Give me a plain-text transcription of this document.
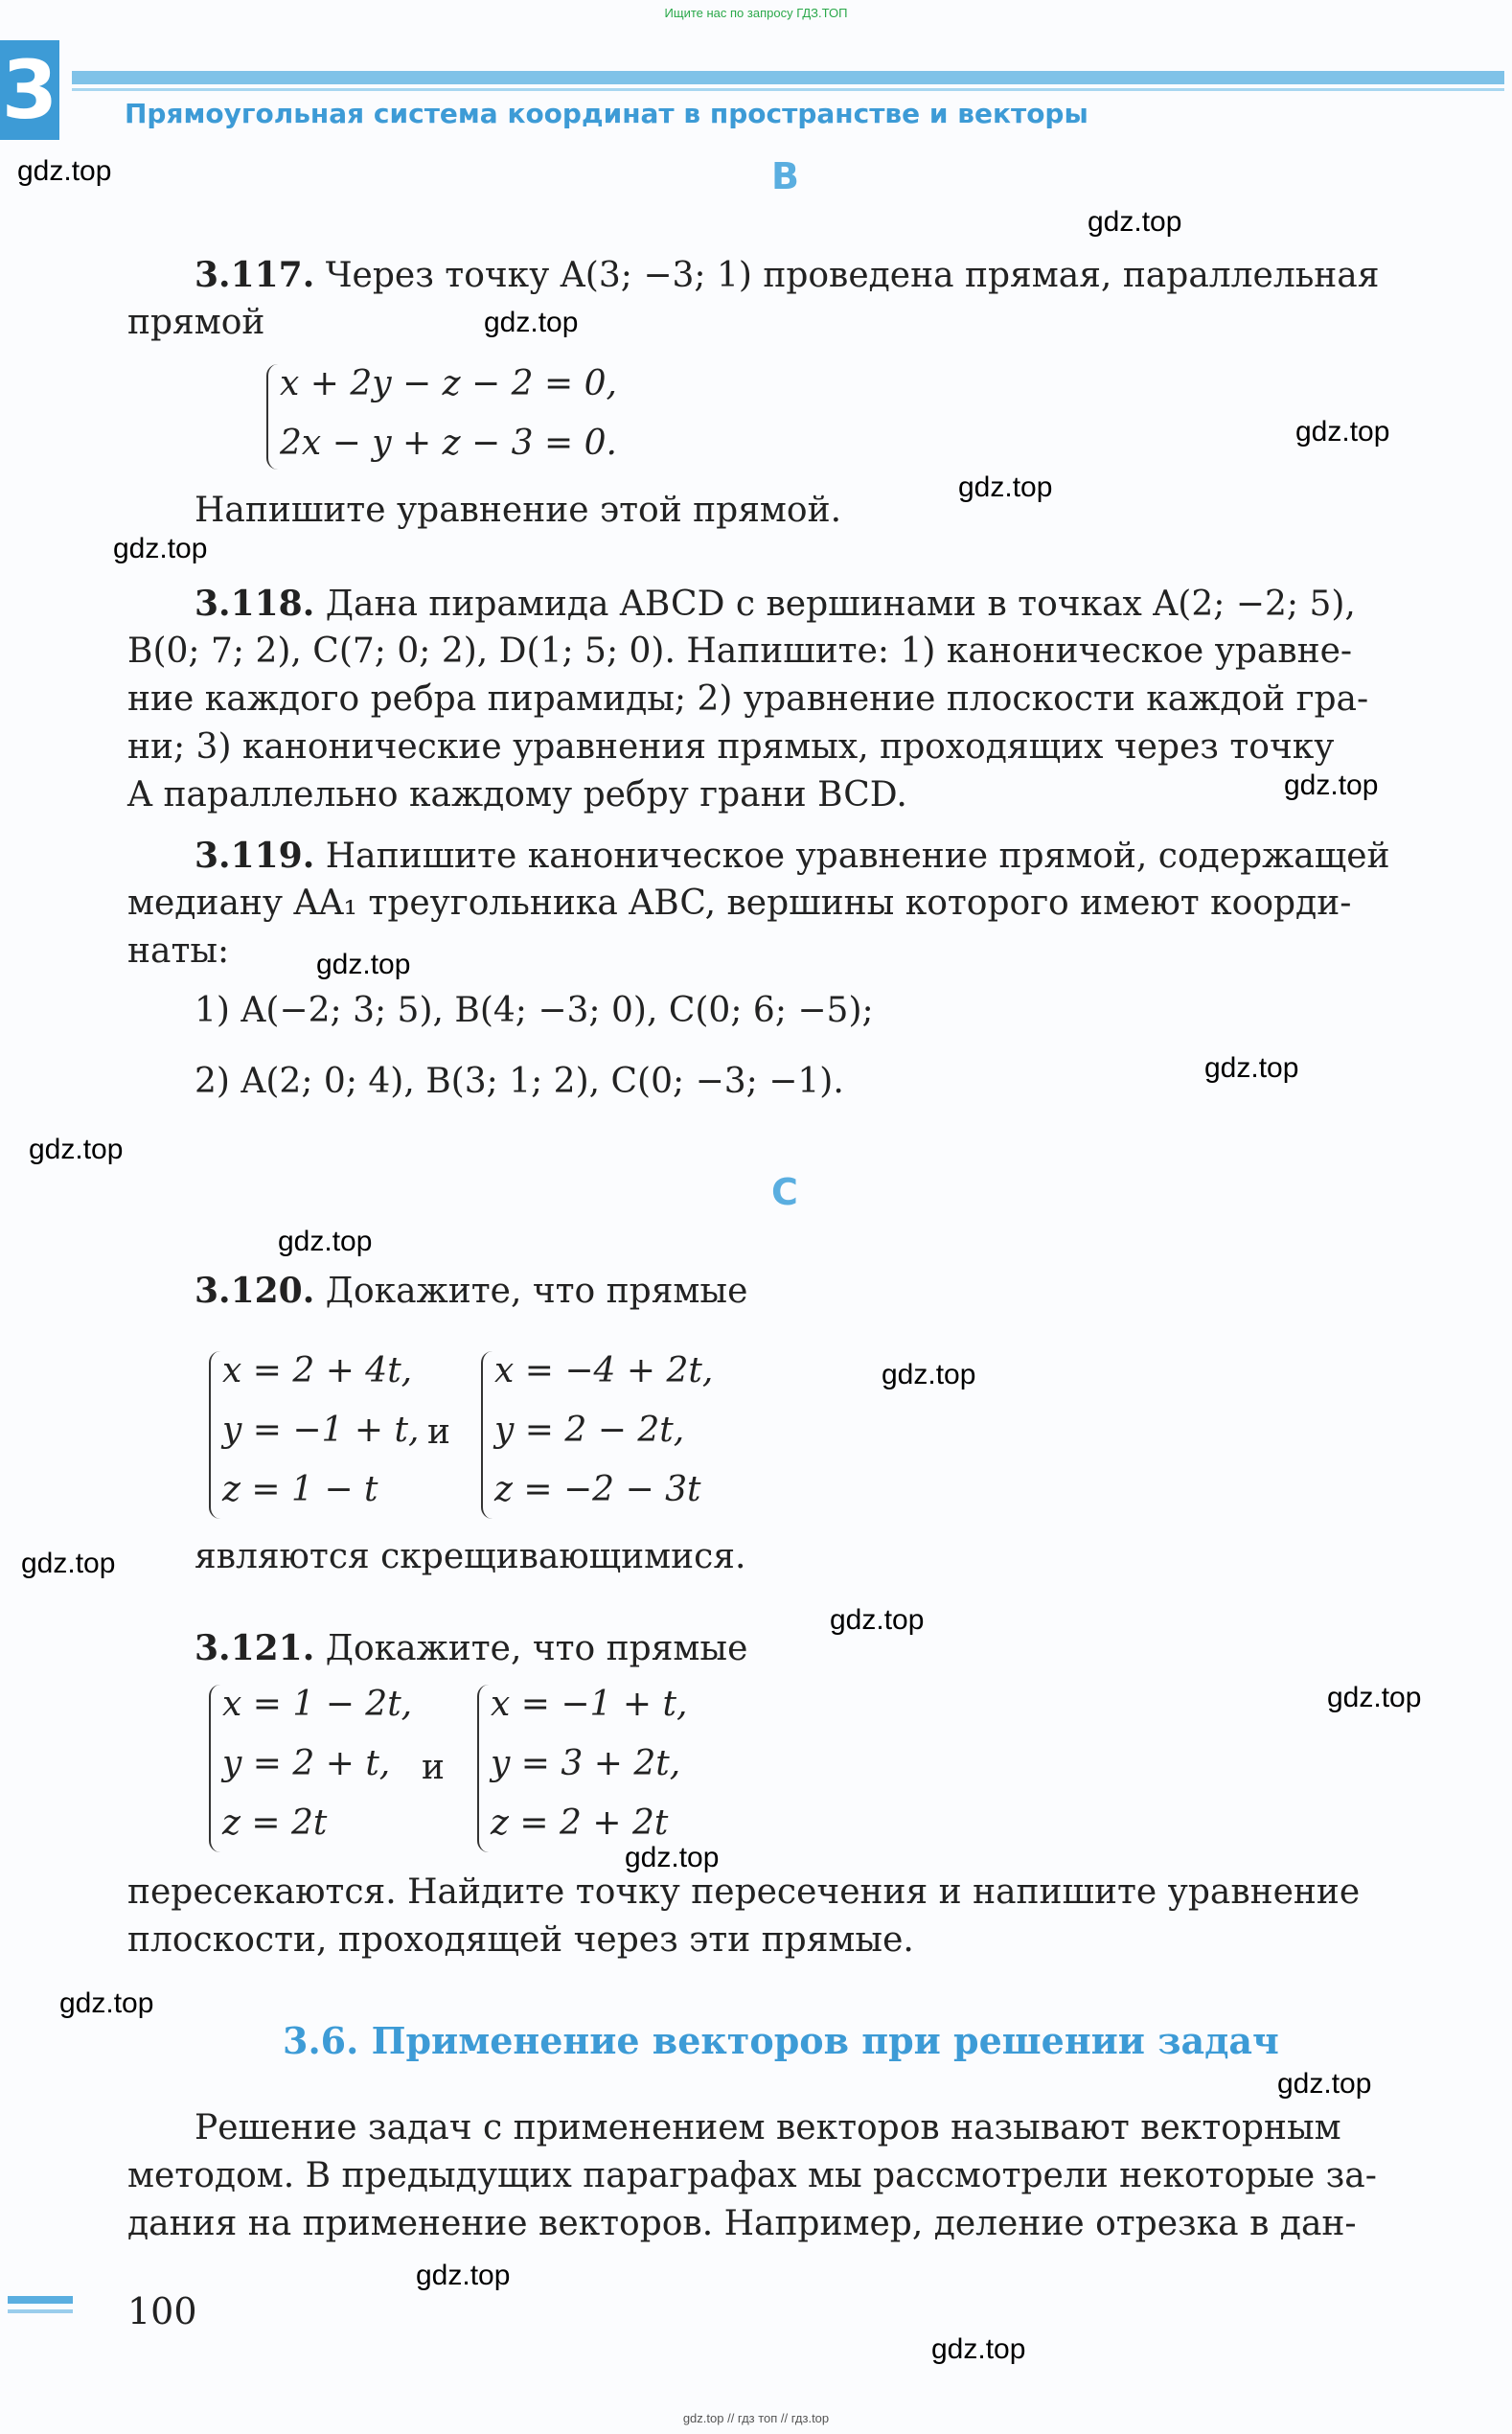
Ищите нас по запросу ГДЗ.ТОП
3 Прямоугольная система координат в пространстве и векторы
B
3.117. Через точку A(3; −3; 1) проведена прямая, параллельная
прямой
x + 2y − z − 2 = 0,
2x − y + z − 3 = 0.
Напишите уравнение этой прямой.
3.118. Дана пирамида ABCD с вершинами в точках A(2; −2; 5),
B(0; 7; 2), C(7; 0; 2), D(1; 5; 0). Напишите: 1) каноническое уравне-
ние каждого ребра пирамиды; 2) уравнение плоскости каждой гра-
ни; 3) канонические уравнения прямых, проходящих через точку
A параллельно каждому ребру грани BCD.
3.119. Напишите каноническое уравнение прямой, содержащей
медиану AA₁ треугольника ABC, вершины которого имеют коорди-
наты:
1) A(−2; 3; 5), B(4; −3; 0), C(0; 6; −5);
2) A(2; 0; 4), B(3; 1; 2), C(0; −3; −1).
C
3.120. Докажите, что прямые
x = 2 + 4t,
y = −1 + t,
z = 1 − t
и
x = −4 + 2t,
y = 2 − 2t,
z = −2 − 3t
являются скрещивающимися.
3.121. Докажите, что прямые
x = 1 − 2t,
y = 2 + t,
z = 2t
и
x = −1 + t,
y = 3 + 2t,
z = 2 + 2t
пересекаются. Найдите точку пересечения и напишите уравнение
плоскости, проходящей через эти прямые.
3.6. Применение векторов при решении задач
Решение задач с применением векторов называют векторным
методом. В предыдущих параграфах мы рассмотрели некоторые за-
дания на применение векторов. Например, деление отрезка в дан-
100
gdz.top
gdz.top
gdz.top
gdz.top
gdz.top
gdz.top
gdz.top
gdz.top
gdz.top
gdz.top
gdz.top
gdz.top
gdz.top
gdz.top
gdz.top
gdz.top
gdz.top
gdz.top
gdz.top
gdz.top
gdz.top // гдз топ // гдз.top
